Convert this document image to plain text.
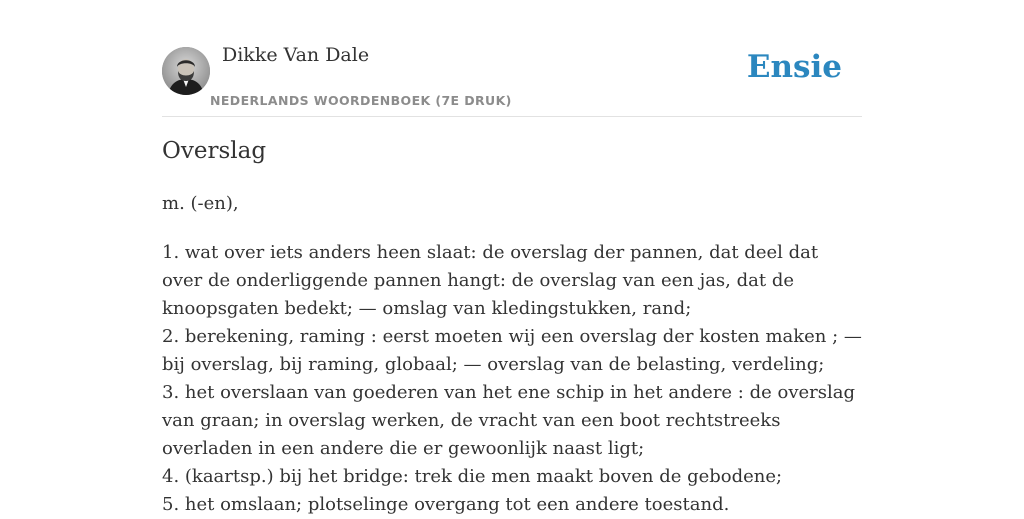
Dikke Van Dale
NEDERLANDS WOORDENBOEK (7E DRUK)
Ensie
Overslag
m. (-en),
1. wat over iets anders heen slaat: de overslag der pannen, dat deel dat over de onderliggende pannen hangt: de overslag van een jas, dat de knoopsgaten bedekt; — omslag van kledingstukken, rand;
2. berekening, raming : eerst moeten wij een overslag der kosten maken ; — bij overslag, bij raming, globaal; — overslag van de belasting, verdeling;
3. het overslaan van goederen van het ene schip in het andere : de overslag van graan; in overslag werken, de vracht van een boot rechtstreeks overladen in een andere die er gewoonlijk naast ligt;
4. (kaartsp.) bij het bridge: trek die men maakt boven de gebodene;
5. het omslaan; plotselinge overgang tot een andere toestand.
